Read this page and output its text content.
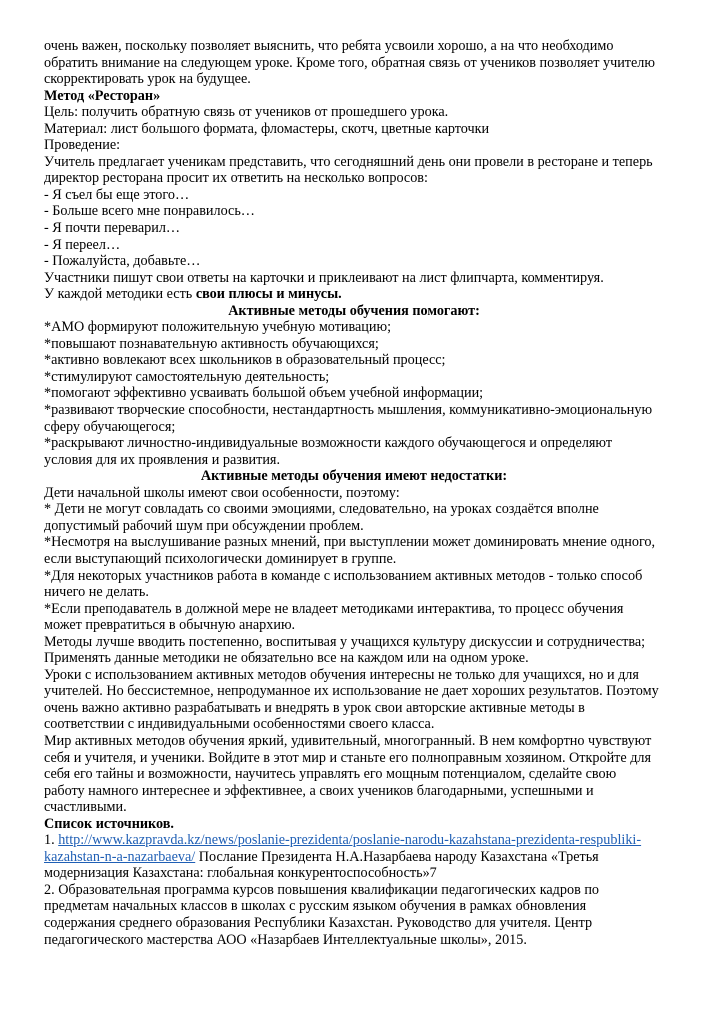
очень важен, поскольку позволяет выяснить, что ребята усвоили хорошо, а на что необходимо
обратить внимание на следующем уроке. Кроме того, обратная связь от учеников позволяет учителю
скорректировать урок на будущее.
Метод «Ресторан»
Цель: получить обратную связь от учеников от прошедшего урока.
Материал: лист большого формата, фломастеры, скотч, цветные карточки
Проведение:
Учитель предлагает ученикам представить, что сегодняшний день они провели в ресторане и теперь
директор ресторана просит их ответить на несколько вопросов:
- Я съел бы еще этого…
- Больше всего мне понравилось…
- Я почти переварил…
- Я переел…
- Пожалуйста, добавьте…
Участники пишут свои ответы на карточки и приклеивают на лист флипчарта, комментируя.
У каждой методики есть свои плюсы и минусы.
Активные методы обучения помогают:
*АМО формируют положительную учебную мотивацию;
*повышают познавательную активность обучающихся;
*активно вовлекают всех школьников в образовательный процесс;
*стимулируют самостоятельную деятельность;
*помогают эффективно усваивать большой объем учебной информации;
*развивают творческие способности, нестандартность мышления, коммуникативно-эмоциональную
сферу обучающегося;
*раскрывают личностно-индивидуальные возможности каждого обучающегося и определяют
условия для их проявления и развития.
Активные методы обучения имеют недостатки:
Дети начальной школы имеют свои особенности, поэтому:
* Дети не могут совладать со своими эмоциями, следовательно, на уроках создаётся вполне
допустимый рабочий шум при обсуждении проблем.
*Несмотря на выслушивание разных мнений, при выступлении может доминировать мнение одного,
если выступающий психологически доминирует в группе.
*Для некоторых участников работа в команде с использованием активных методов - только способ
ничего не делать.
*Если преподаватель в должной мере не владеет методиками интерактива, то процесс обучения
может превратиться в обычную анархию.
Методы лучше вводить постепенно, воспитывая у учащихся культуру дискуссии и сотрудничества;
Применять данные методики не обязательно все на каждом или на одном уроке.
Уроки с использованием активных методов обучения интересны не только для учащихся, но и для
учителей. Но бессистемное, непродуманное их использование не дает хороших результатов. Поэтому
очень важно активно разрабатывать и внедрять в урок свои авторские активные методы в
соответствии с индивидуальными особенностями своего класса.
Мир активных методов обучения яркий, удивительный, многогранный. В нем комфортно чувствуют
себя и учителя, и ученики. Войдите в этот мир и станьте его полноправным хозяином. Откройте для
себя его тайны и возможности, научитесь управлять его мощным потенциалом, сделайте свою
работу намного интереснее и эффективнее, а своих учеников благодарными, успешными и
счастливыми.
Список источников.
1. http://www.kazpravda.kz/news/poslanie-prezidenta/poslanie-narodu-kazahstana-prezidenta-respubliki-
kazahstan-n-a-nazarbaeva/ Послание Президента Н.А.Назарбаева народу Казахстана «Третья
модернизация Казахстана: глобальная конкурентоспособность»7
2. Образовательная программа курсов повышения квалификации педагогических кадров по
предметам начальных классов в школах с русским языком обучения в рамках обновления
содержания среднего образования Республики Казахстан. Руководство для учителя. Центр
педагогического мастерства АОО «Назарбаев Интеллектуальные школы», 2015.
